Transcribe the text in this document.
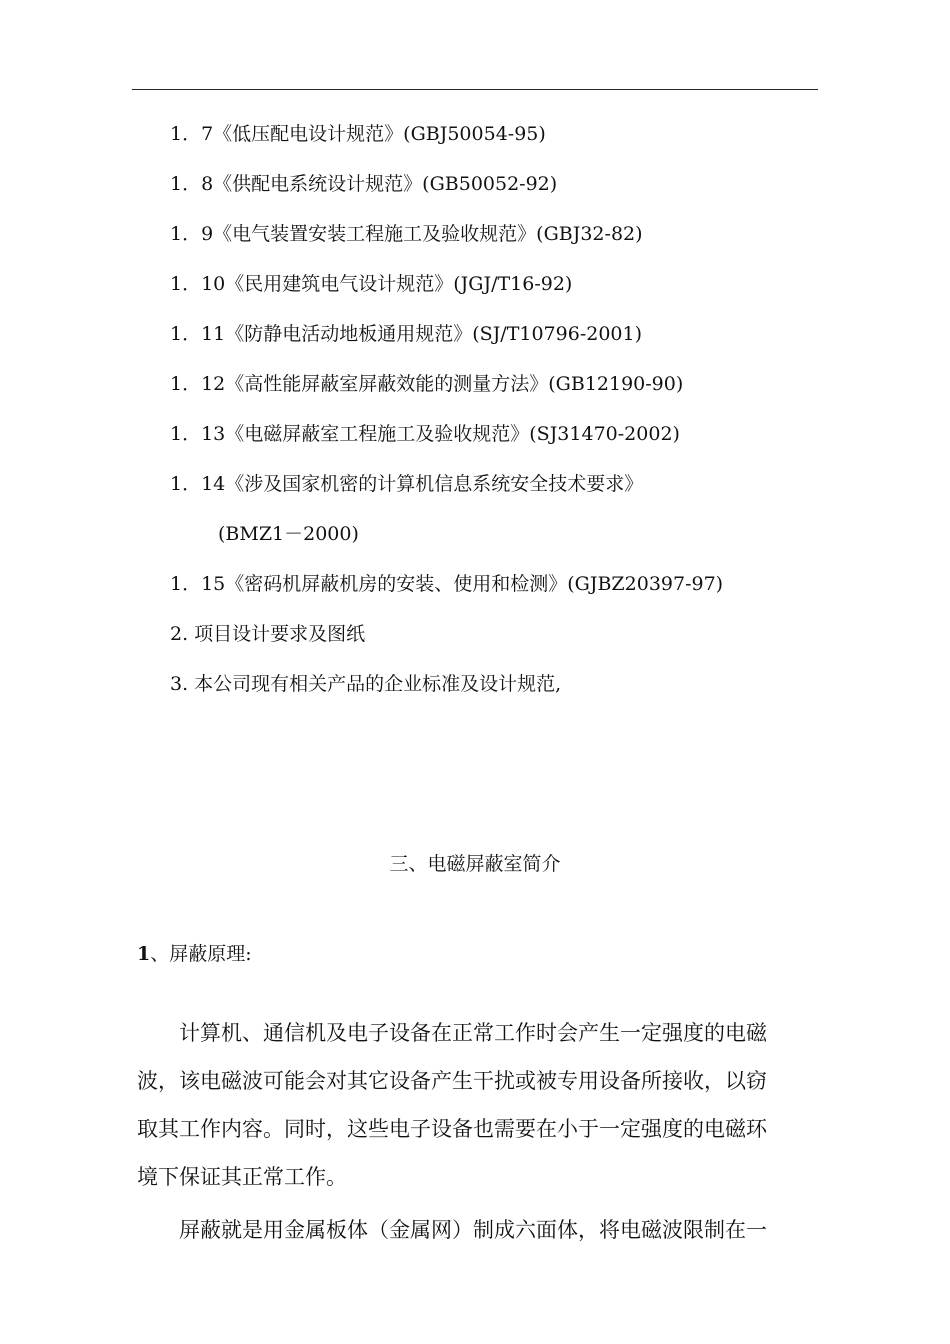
1．7《低压配电设计规范》(GBJ50054-95)
1．8《供配电系统设计规范》(GB50052-92)
1．9《电气装置安装工程施工及验收规范》(GBJ32-82)
1．10《民用建筑电气设计规范》(JGJ/T16-92)
1．11《防静电活动地板通用规范》(SJ/T10796-2001)
1．12《高性能屏蔽室屏蔽效能的测量方法》(GB12190-90)
1．13《电磁屏蔽室工程施工及验收规范》(SJ31470-2002)
1．14《涉及国家机密的计算机信息系统安全技术要求》
(BMZ1－2000)
1．15《密码机屏蔽机房的安装、使用和检测》(GJBZ20397-97)
2. 项目设计要求及图纸
3. 本公司现有相关产品的企业标准及设计规范,
三、电磁屏蔽室简介
1、屏蔽原理:
　　计算机、通信机及电子设备在正常工作时会产生一定强度的电磁
波，该电磁波可能会对其它设备产生干扰或被专用设备所接收，以窃
取其工作内容。同时，这些电子设备也需要在小于一定强度的电磁环
境下保证其正常工作。
　　屏蔽就是用金属板体（金属网）制成六面体，将电磁波限制在一
